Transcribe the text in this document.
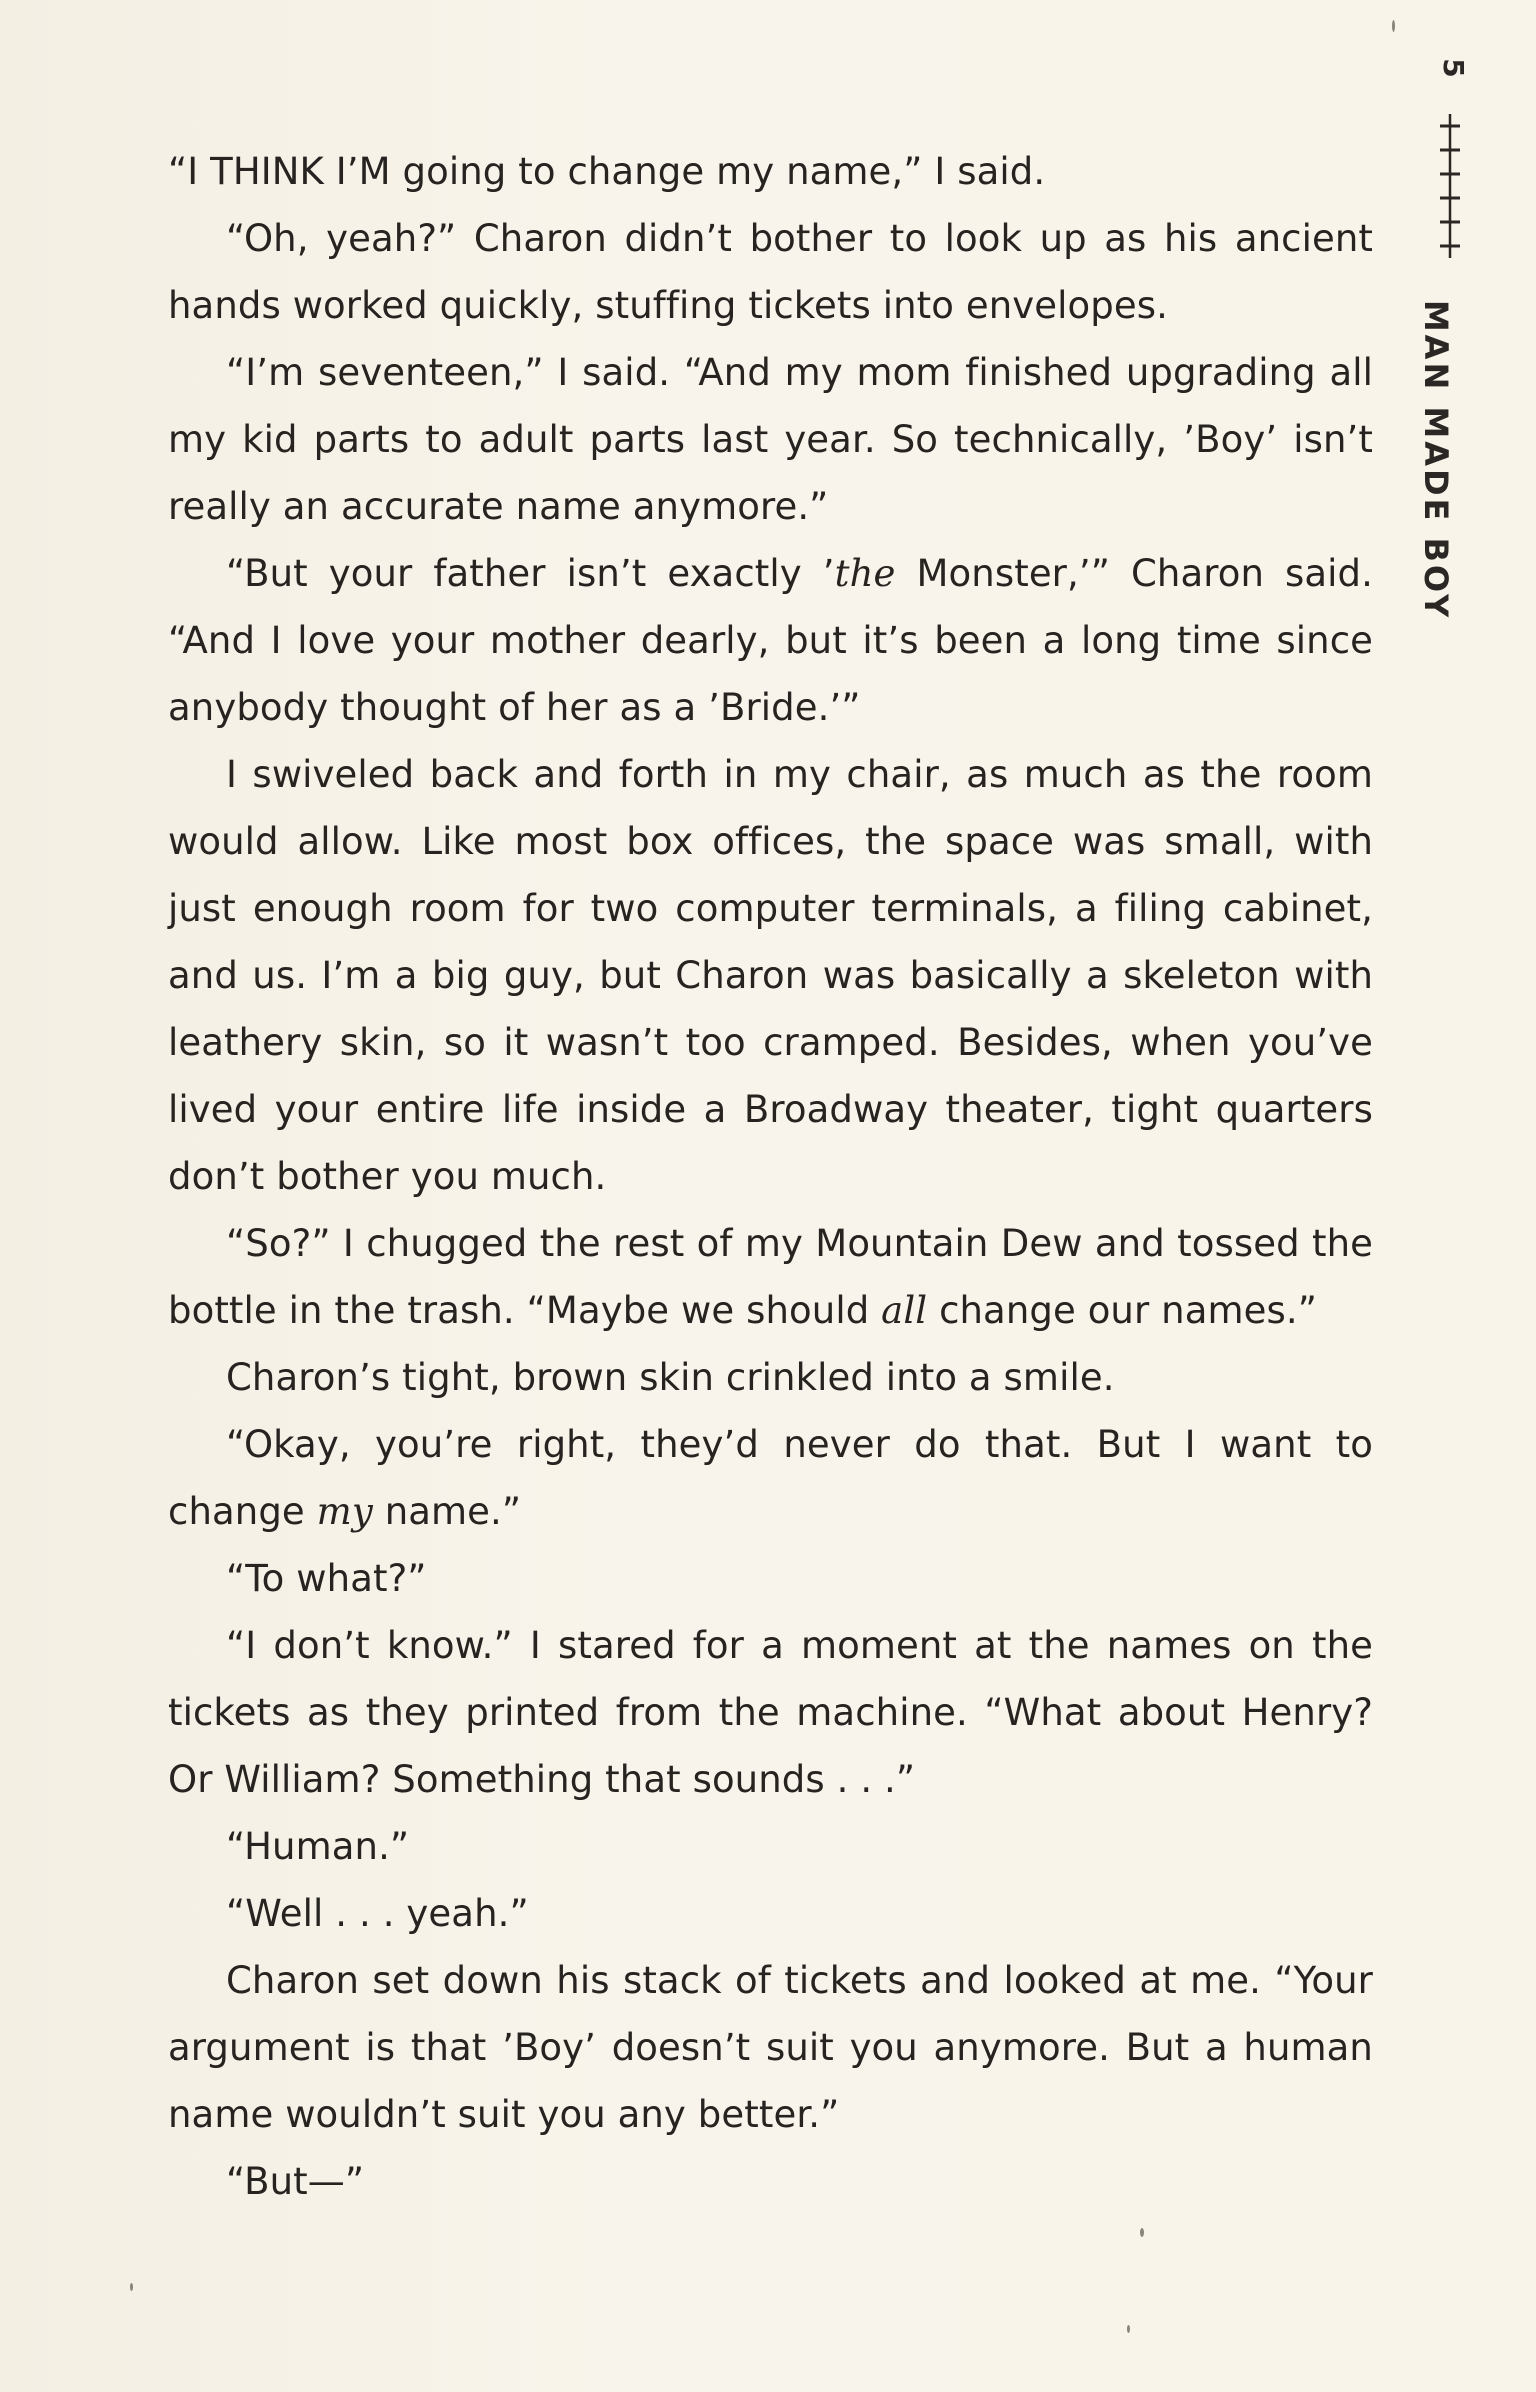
5
MAN MADE BOY

“I THINK I’M going to change my name,” I said.

“Oh, yeah?” Charon didn’t bother to look up as his ancient hands worked quickly, stuffing tickets into envelopes.

“I’m seventeen,” I said. “And my mom finished upgrading all my kid parts to adult parts last year. So technically, ’Boy’ isn’t really an accurate name anymore.”

“But your father isn’t exactly ’the Monster,’” Charon said. “And I love your mother dearly, but it’s been a long time since anybody thought of her as a ’Bride.’”

I swiveled back and forth in my chair, as much as the room would allow. Like most box offices, the space was small, with just enough room for two computer terminals, a filing cabinet, and us. I’m a big guy, but Charon was basically a skeleton with leathery skin, so it wasn’t too cramped. Besides, when you’ve lived your entire life inside a Broadway theater, tight quarters don’t bother you much.

“So?” I chugged the rest of my Mountain Dew and tossed the bottle in the trash. “Maybe we should all change our names.”

Charon’s tight, brown skin crinkled into a smile.

“Okay, you’re right, they’d never do that. But I want to change my name.”

“To what?”

“I don’t know.” I stared for a moment at the names on the tickets as they printed from the machine. “What about Henry? Or William? Something that sounds . . .”

“Human.”

“Well . . . yeah.”

Charon set down his stack of tickets and looked at me. “Your argument is that ’Boy’ doesn’t suit you anymore. But a human name wouldn’t suit you any better.”

“But—”
